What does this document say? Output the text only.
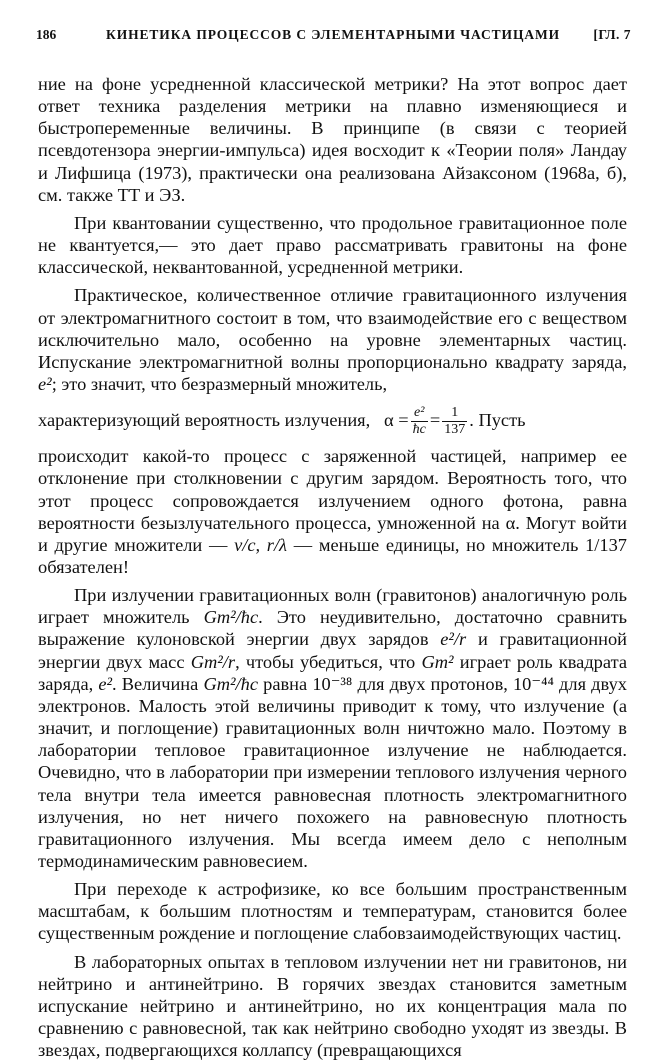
186	КИНЕТИКА ПРОЦЕССОВ С ЭЛЕМЕНТАРНЫМИ ЧАСТИЦАМИ [ГЛ. 7

ние на фоне усредненной классической метрики? На этот вопрос дает ответ техника разделения метрики на плавно изменяющиеся и быстропеременные величины. В принципе (в связи с теорией псевдотензора энергии-импульса) идея восходит к «Теории поля» Ландау и Лифшица (1973), практически она реализована Айзаксоном (1968а, б), см. также ТТ и ЭЗ.

При квантовании существенно, что продольное гравитационное поле не квантуется,— это дает право рассматривать гравитоны на фоне классической, неквантованной, усредненной метрики.

Практическое, количественное отличие гравитационного излучения от электромагнитного состоит в том, что взаимодействие его с веществом исключительно мало, особенно на уровне элементарных частиц. Испускание электромагнитной волны пропорционально квадрату заряда, e²; это значит, что безразмерный множитель,

характеризующий вероятность излучения, $\alpha = \frac{\text{e²}}{ħc} = \frac{1}{137}$ . Пусть

происходит какой-то процесс с заряженной частицей, например ее отклонение при столкновении с другим зарядом. Вероятность того, что этот процесс сопровождается излучением одного фотона, равна вероятности безызлучательного процесса, умноженной на α. Могут войти и другие множители — v/c, r/λ — меньше единицы, но множитель 1/137 обязателен!

При излучении гравитационных волн (гравитонов) аналогичную роль играет множитель Gm²/ħc. Это неудивительно, достаточно сравнить выражение кулоновской энергии двух зарядов e²/r и гравитационной энергии двух масс Gm²/r, чтобы убедиться, что Gm² играет роль квадрата заряда, e². Величина Gm²/ħc равна 10⁻³⁸ для двух протонов, 10⁻⁴⁴ для двух электронов. Малость этой величины приводит к тому, что излучение (а значит, и поглощение) гравитационных волн ничтожно мало. Поэтому в лаборатории тепловое гравитационное излучение не наблюдается. Очевидно, что в лаборатории при измерении теплового излучения черного тела внутри тела имеется равновесная плотность электромагнитного излучения, но нет ничего похожего на равновесную плотность гравитационного излучения. Мы всегда имеем дело с неполным термодинамическим равновесием.

При переходе к астрофизике, ко все большим пространственным масштабам, к большим плотностям и температурам, становится более существенным рождение и поглощение слабовзаимодействующих частиц.

В лабораторных опытах в тепловом излучении нет ни гравитонов, ни нейтрино и антинейтрино. В горячих звездах становится заметным испускание нейтрино и антинейтрино, но их концентрация мала по сравнению с равновесной, так как нейтрино свободно уходят из звезды. В звездах, подвергающихся коллапсу (превращающихся
